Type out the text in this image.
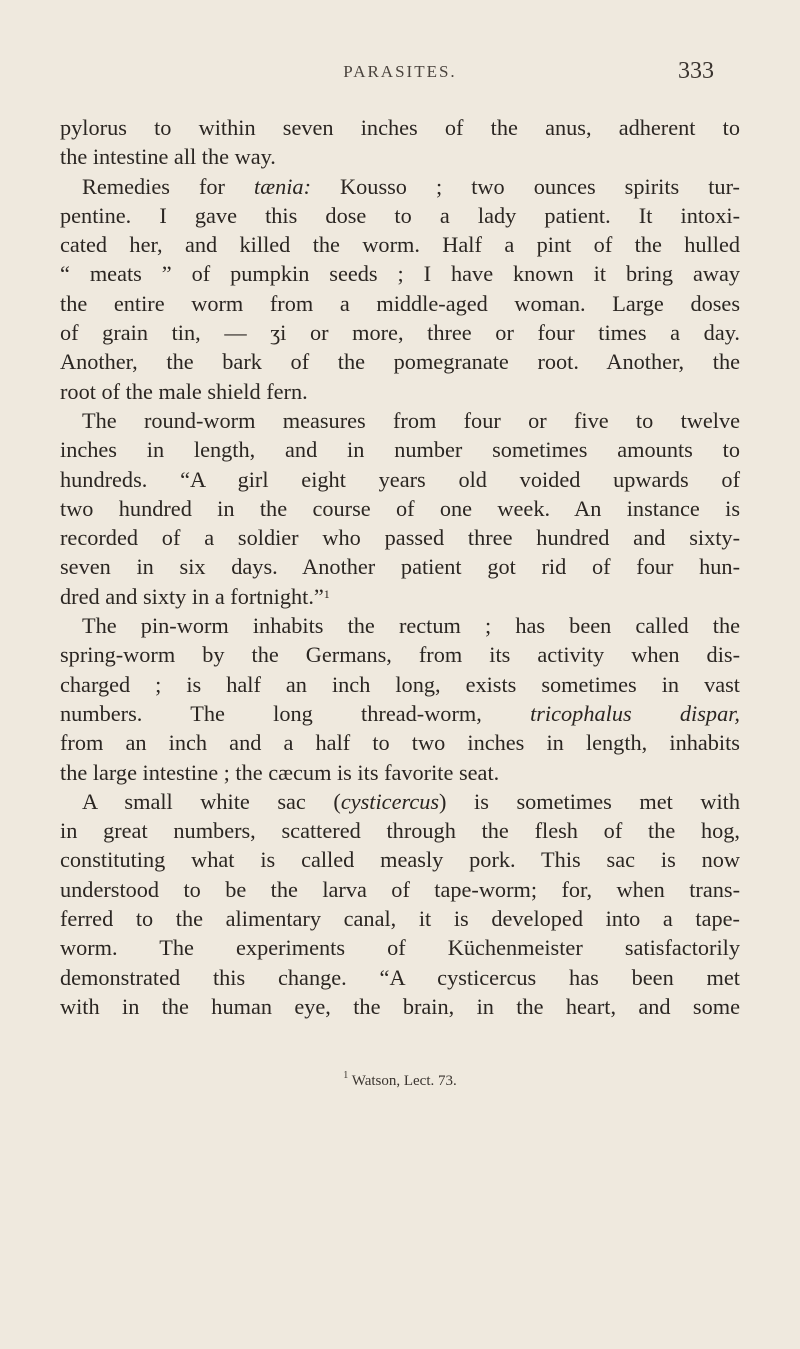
PARASITES.	333
pylorus to within seven inches of the anus, adherent to
the intestine all the way.
Remedies for tænia: Kousso ; two ounces spirits tur-
pentine. I gave this dose to a lady patient. It intoxi-
cated her, and killed the worm. Half a pint of the hulled
“ meats ” of pumpkin seeds ; I have known it bring away
the entire worm from a middle-aged woman. Large doses
of grain tin, — ʒi or more, three or four times a day.
Another, the bark of the pomegranate root. Another, the
root of the male shield fern.
The round-worm measures from four or five to twelve
inches in length, and in number sometimes amounts to
hundreds. “A girl eight years old voided upwards of
two hundred in the course of one week. An instance is
recorded of a soldier who passed three hundred and sixty-
seven in six days. Another patient got rid of four hun-
dred and sixty in a fortnight.”$^1$
The pin-worm inhabits the rectum ; has been called the
spring-worm by the Germans, from its activity when dis-
charged ; is half an inch long, exists sometimes in vast
numbers. The long thread-worm, tricophalus dispar,
from an inch and a half to two inches in length, inhabits
the large intestine ; the cæcum is its favorite seat.
A small white sac (cysticercus) is sometimes met with
in great numbers, scattered through the flesh of the hog,
constituting what is called measly pork. This sac is now
understood to be the larva of tape-worm; for, when trans-
ferred to the alimentary canal, it is developed into a tape-
worm. The experiments of Küchenmeister satisfactorily
demonstrated this change. “A cysticercus has been met
with in the human eye, the brain, in the heart, and some
$^1$ Watson, Lect. 73.
